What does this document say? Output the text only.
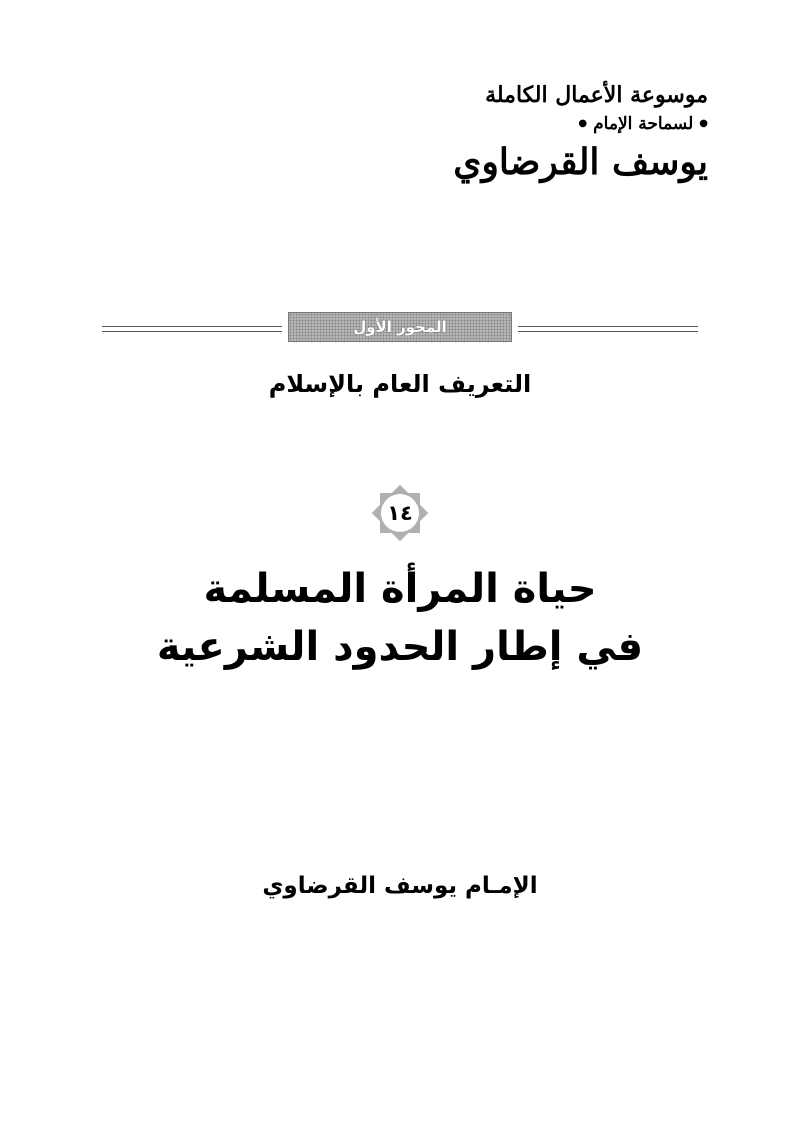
موسوعة الأعمال الكاملة
●
لسماحة الإمام
●
يوسف القرضاوي
المحور الأول
التعريف العام بالإسلام
١٤
حياة المرأة المسلمة
في إطار الحدود الشرعية
الإمـام يوسف القرضاوي
